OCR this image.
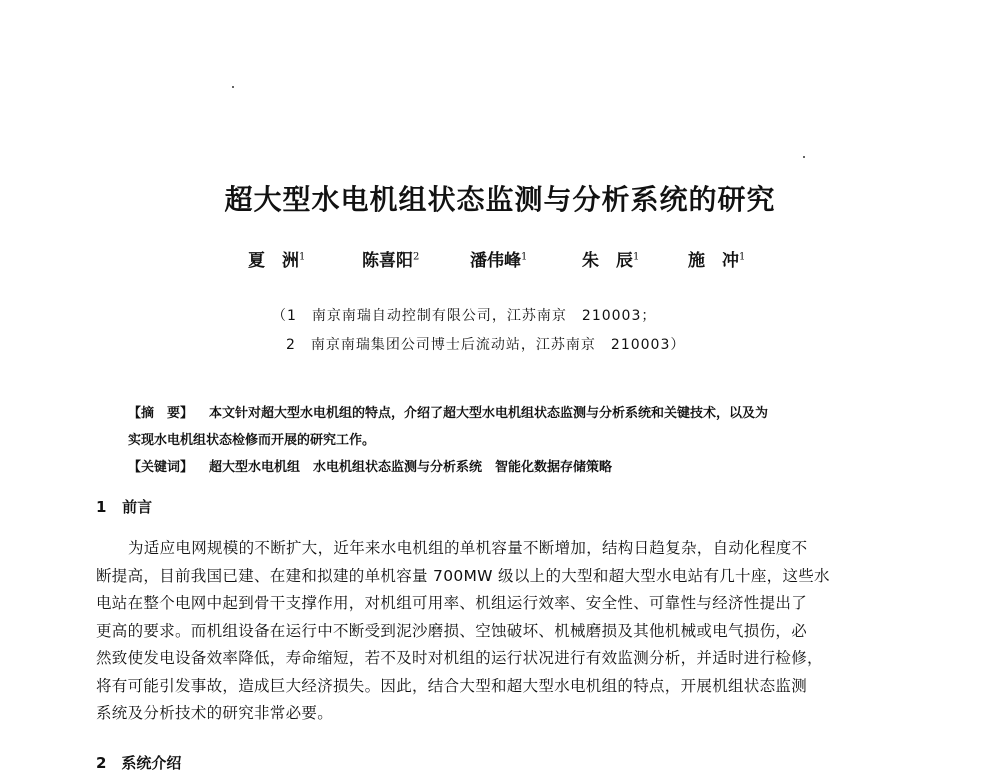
超大型水电机组状态监测与分析系统的研究
夏　洲$^1$	陈喜阳$^2$	潘伟峰$^1$	朱　辰$^1$	施　冲$^1$
（1　南京南瑞自动控制有限公司，江苏南京　210003；
2　南京南瑞集团公司博士后流动站，江苏南京　210003）
【摘　要】 本文针对超大型水电机组的特点，介绍了超大型水电机组状态监测与分析系统和关键技术，以及为
实现水电机组状态检修而开展的研究工作。
【关键词】 超大型水电机组　水电机组状态监测与分析系统　智能化数据存储策略
1 前言
为适应电网规模的不断扩大，近年来水电机组的单机容量不断增加，结构日趋复杂，自动化程度不
断提高，目前我国已建、在建和拟建的单机容量 700MW 级以上的大型和超大型水电站有几十座，这些水
电站在整个电网中起到骨干支撑作用，对机组可用率、机组运行效率、安全性、可靠性与经济性提出了
更高的要求。而机组设备在运行中不断受到泥沙磨损、空蚀破坏、机械磨损及其他机械或电气损伤，必
然致使发电设备效率降低，寿命缩短，若不及时对机组的运行状况进行有效监测分析，并适时进行检修，
将有可能引发事故，造成巨大经济损失。因此，结合大型和超大型水电机组的特点，开展机组状态监测
系统及分析技术的研究非常必要。
2　系统介绍
